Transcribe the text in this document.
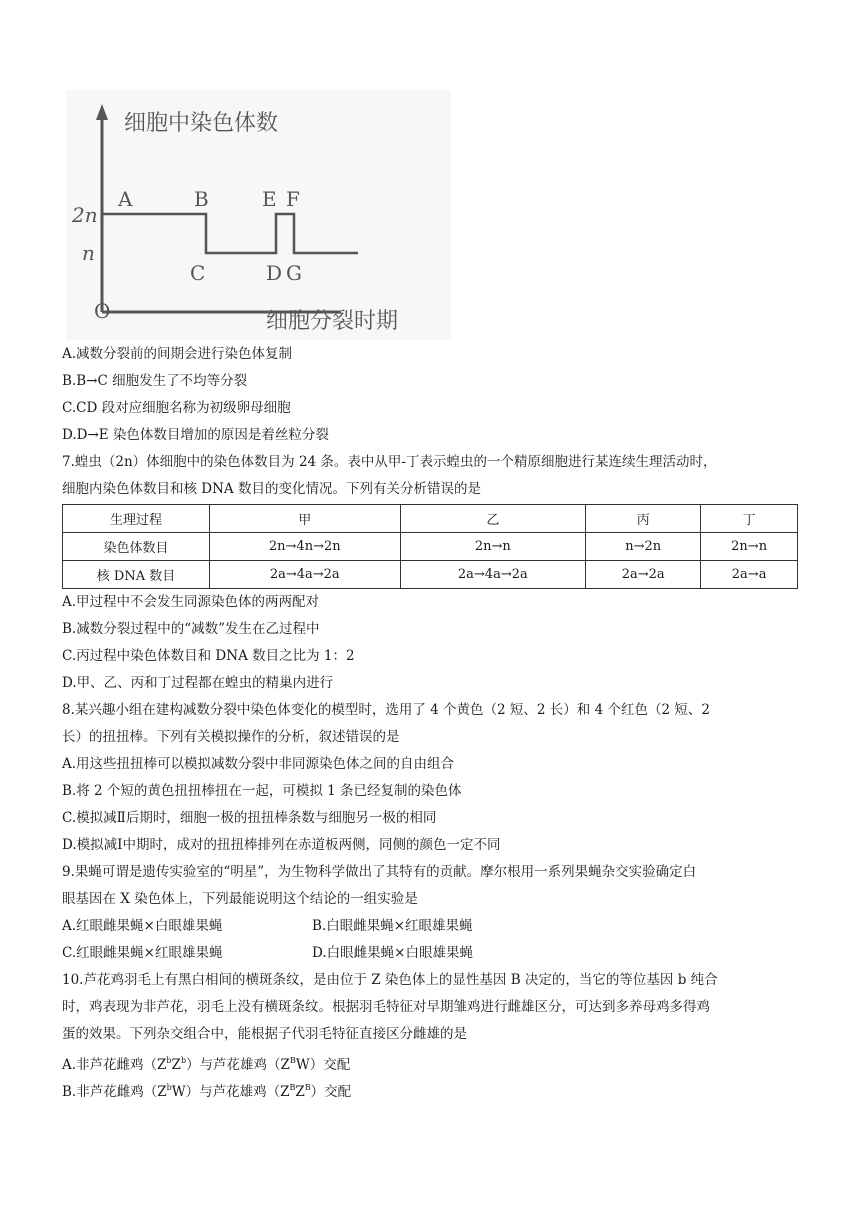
细胞中染色体数
细胞分裂时期
2n
n
O
A	B	E F
C	D G
A.减数分裂前的间期会进行染色体复制
B.B→C 细胞发生了不均等分裂
C.CD 段对应细胞名称为初级卵母细胞
D.D→E 染色体数目增加的原因是着丝粒分裂
7.蝗虫（2n）体细胞中的染色体数目为 24 条。表中从甲-丁表示蝗虫的一个精原细胞进行某连续生理活动时，
细胞内染色体数目和核 DNA 数目的变化情况。下列有关分析错误的是
生理过程	甲	乙	丙	丁
染色体数目	2n→4n→2n	2n→n	n→2n	2n→n
核 DNA 数目	2a→4a→2a	2a→4a→2a	2a→2a	2a→a
A.甲过程中不会发生同源染色体的两两配对
B.减数分裂过程中的“减数”发生在乙过程中
C.丙过程中染色体数目和 DNA 数目之比为 1：2
D.甲、乙、丙和丁过程都在蝗虫的精巢内进行
8.某兴趣小组在建构减数分裂中染色体变化的模型时，选用了 4 个黄色（2 短、2 长）和 4 个红色（2 短、2
长）的扭扭棒。下列有关模拟操作的分析，叙述错误的是
A.用这些扭扭棒可以模拟减数分裂中非同源染色体之间的自由组合
B.将 2 个短的黄色扭扭棒扭在一起，可模拟 1 条已经复制的染色体
C.模拟减Ⅱ后期时，细胞一极的扭扭棒条数与细胞另一极的相同
D.模拟减Ⅰ中期时，成对的扭扭棒排列在赤道板两侧，同侧的颜色一定不同
9.果蝇可谓是遗传实验室的“明星”，为生物科学做出了其特有的贡献。摩尔根用一系列果蝇杂交实验确定白
眼基因在 X 染色体上，下列最能说明这个结论的一组实验是
A.红眼雌果蝇×白眼雄果蝇	B.白眼雌果蝇×红眼雄果蝇
C.红眼雌果蝇×红眼雄果蝇	D.白眼雌果蝇×白眼雄果蝇
10.芦花鸡羽毛上有黑白相间的横斑条纹，是由位于 Z 染色体上的显性基因 B 决定的，当它的等位基因 b 纯合
时，鸡表现为非芦花，羽毛上没有横斑条纹。根据羽毛特征对早期雏鸡进行雌雄区分，可达到多养母鸡多得鸡
蛋的效果。下列杂交组合中，能根据子代羽毛特征直接区分雌雄的是
A.非芦花雌鸡$(Z^bZ^b)$与芦花雄鸡$(Z^BW)$交配
B.非芦花雌鸡$(Z^bW)$与芦花雄鸡$(Z^BZ^B)$交配
